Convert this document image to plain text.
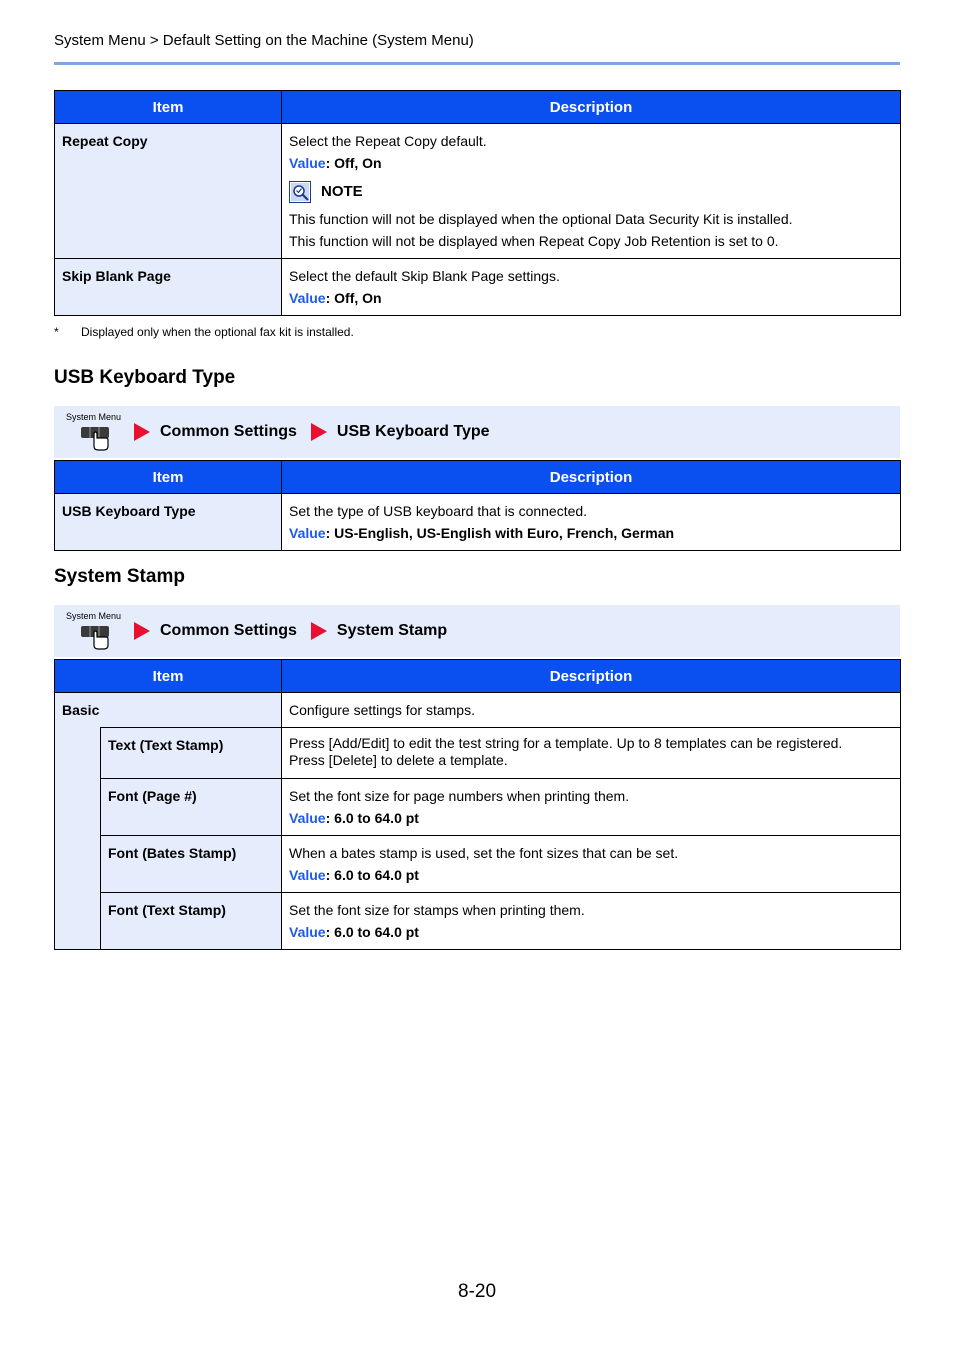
System Menu > Default Setting on the Machine (System Menu)
Item	Description
Repeat Copy	Select the Repeat Copy default.
Value: Off, On
NOTE
This function will not be displayed when the optional Data Security Kit is installed.
This function will not be displayed when Repeat Copy Job Retention is set to 0.

Skip Blank Page	Select the default Skip Blank Page settings.
Value: Off, On
* Displayed only when the optional fax kit is installed.
USB Keyboard Type
System Menu
Common Settings	USB Keyboard Type
Item	Description
USB Keyboard Type	Set the type of USB keyboard that is connected.
Value: US-English, US-English with Euro, French, German
System Stamp
System Menu
Common Settings	System Stamp
Item		Description
Basic		Configure settings for stamps.
	Text (Text Stamp)	Press [Add/Edit] to edit the test string for a template. Up to 8 templates can be registered.
Press [Delete] to delete a template.

	Font (Page #)	Set the font size for page numbers when printing them.
Value: 6.0 to 64.0 pt

	Font (Bates Stamp)	When a bates stamp is used, set the font sizes that can be set.
Value: 6.0 to 64.0 pt

	Font (Text Stamp)	Set the font size for stamps when printing them.
Value: 6.0 to 64.0 pt
8-20
